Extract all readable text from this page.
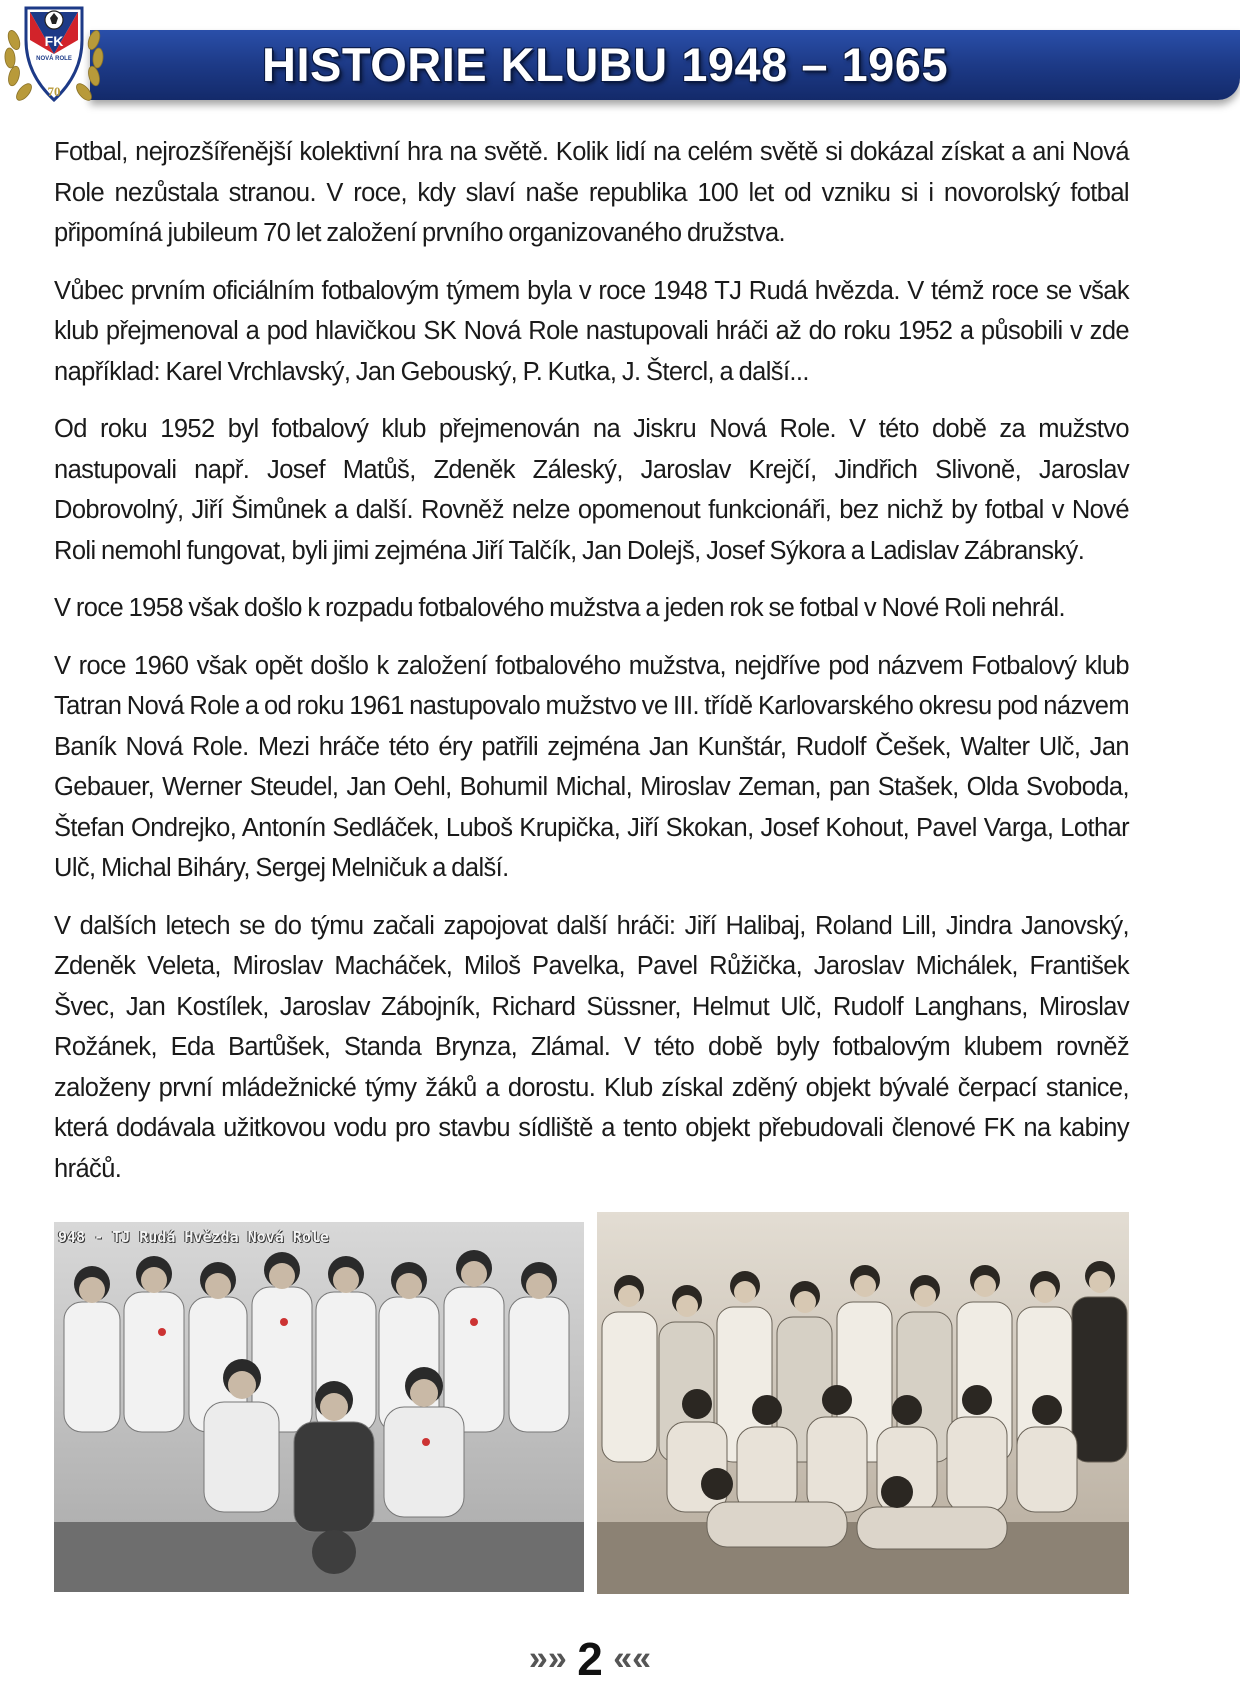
HISTORIE KLUBU 1948 – 1965
FK
NOVÁ ROLE
70

Fotbal, nejrozšířenější kolektivní hra na světě. Kolik lidí na celém světě si dokázal získat a ani Nová Role nezůstala stranou. V roce, kdy slaví naše republika 100 let od vzniku si i novorolský fotbal připomíná jubileum 70 let založení prvního organizovaného družstva.

Vůbec prvním oficiálním fotbalovým týmem byla v roce 1948 TJ Rudá hvězda. V témž roce se však klub přejmenoval a pod hlavičkou SK Nová Role nastupovali hráči až do roku 1952 a působili v zde například: Karel Vrchlavský, Jan Gebouský, P. Kutka, J. Štercl, a další...

Od roku 1952 byl fotbalový klub přejmenován na Jiskru Nová Role. V této době za mužstvo nastupovali např. Josef Matůš, Zdeněk Záleský, Jaroslav Krejčí, Jindřich Slivoně, Jaroslav Dobrovolný, Jiří Šimůnek a další. Rovněž nelze opomenout funkcionáři, bez nichž by fotbal v Nové Roli nemohl fungovat, byli jimi zejména Jiří Talčík, Jan Dolejš, Josef Sýkora a Ladislav Zábranský.

V roce 1958 však došlo k rozpadu fotbalového mužstva a jeden rok se fotbal v Nové Roli nehrál.

V roce 1960 však opět došlo k založení fotbalového mužstva, nejdříve pod názvem Fotbalový klub Tatran Nová Role a od roku 1961 nastupovalo mužstvo ve III. třídě Karlovarského okresu pod názvem Baník Nová Role. Mezi hráče této éry patřili zejména Jan Kunštár, Rudolf Češek, Walter Ulč, Jan Gebauer, Werner Steudel, Jan Oehl, Bohumil Michal, Miroslav Zeman, pan Stašek, Olda Svoboda, Štefan Ondrejko, Antonín Sedláček, Luboš Krupička, Jiří Skokan, Josef Kohout, Pavel Varga, Lothar Ulč, Michal Biháry, Sergej Melničuk a další.

V dalších letech se do týmu začali zapojovat další hráči: Jiří Halibaj, Roland Lill, Jindra Janovský, Zdeněk Veleta, Miroslav Macháček, Miloš Pavelka, Pavel Růžička, Jaroslav Michálek, František Švec, Jan Kostílek, Jaroslav Zábojník, Richard Süssner, Helmut Ulč, Rudolf Langhans, Miroslav Rožánek, Eda Bartůšek, Standa Brynza, Zlámal. V této době byly fotbalovým klubem rovněž založeny první mládežnické týmy žáků a dorostu. Klub získal zděný objekt bývalé čerpací stanice, která dodávala užitkovou vodu pro stavbu sídliště a tento objekt přebudovali členové FK na kabiny hráčů.

948 - TJ Rudá Hvězda Nová Role
»» 2 ««
